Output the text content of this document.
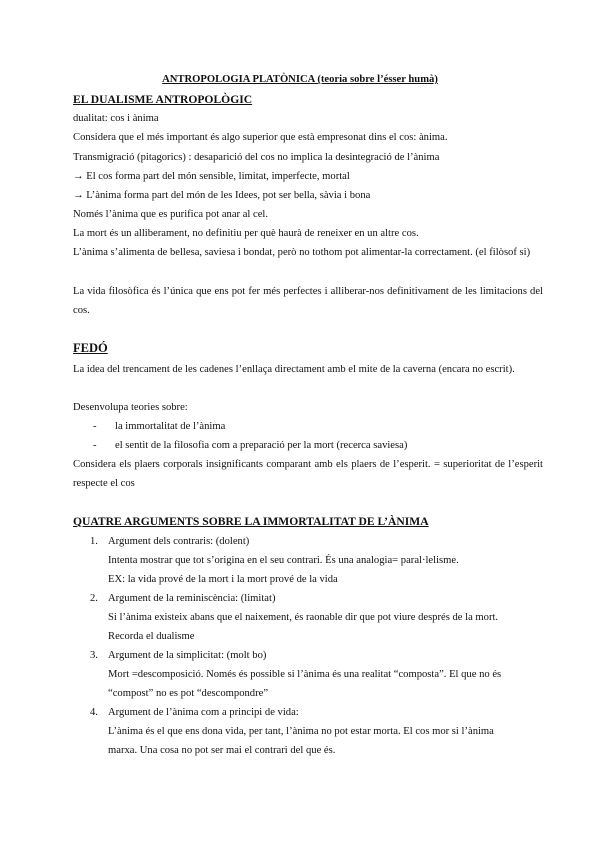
ANTROPOLOGIA PLATÒNICA (teoria sobre l’ésser humà)
EL DUALISME ANTROPOLÒGIC
dualitat: cos i ànima
Considera que el més important és algo superior que està empresonat dins el cos: ànima.
Transmigració (pitagorics) : desaparició del cos no implica la desintegració de l’ànima
→ El cos forma part del món sensible, limitat, imperfecte, mortal
→ L’ànima forma part del món de les Idees, pot ser bella, sàvia i bona
Només l’ànima que es purifica pot anar al cel.
La mort és un alliberament, no definitiu per què haurà de reneixer en un altre cos.
L’ànima s’alimenta de bellesa, saviesa i bondat, però no tothom pot alimentar-la correctament. (el filòsof si)
La vida filosòfica és l’única que ens pot fer més perfectes i alliberar-nos definitivament de les limitacions del cos.
FEDÓ
La idea del trencament de les cadenes l’enllaça directament amb el mite de la caverna (encara no escrit).
Desenvolupa teories sobre:
- la immortalitat de l’ànima
- el sentit de la filosofia com a preparació per la mort (recerca saviesa)
Considera els plaers corporals insignificants comparant amb els plaers de l’esperit. = superioritat de l’esperit respecte el cos
QUATRE ARGUMENTS SOBRE LA IMMORTALITAT DE L’ÀNIMA
1. Argument dels contraris: (dolent)
Intenta mostrar que tot s’origina en el seu contrari. És una analogia= paral·lelisme.
EX: la vida prové de la mort i la mort prové de la vida
2. Argument de la reminiscència: (limitat)
Si l’ànima existeix abans que el naixement, és raonable dir que pot viure després de la mort.
Recorda el dualisme
3. Argument de la simplicitat: (molt bo)
Mort =descomposició. Només és possible si l’ànima és una realitat “composta”. El que no és
“compost” no es pot “descompondre”
4. Argument de l’ànima com a principi de vida:
L’ànima és el que ens dona vida, per tant, l’ànima no pot estar morta. El cos mor si l’ànima
marxa. Una cosa no pot ser mai el contrari del que és.
